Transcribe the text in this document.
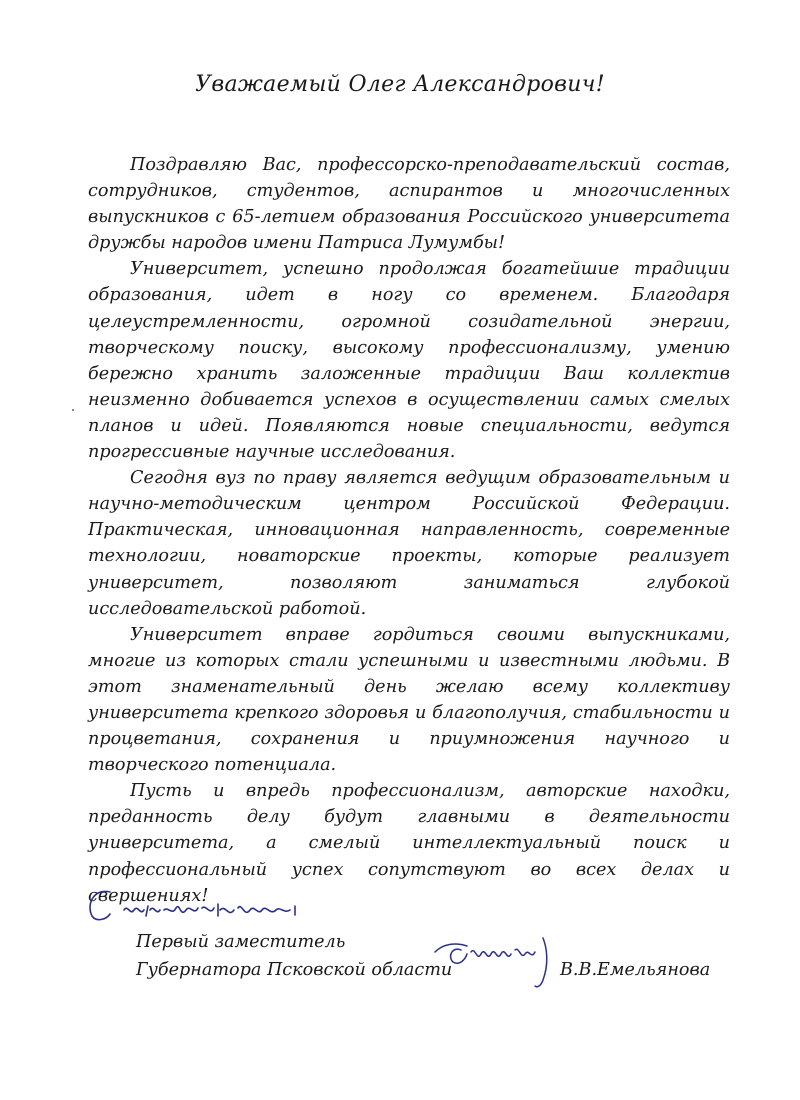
Уважаемый Олег Александрович!

Поздравляю Вас, профессорско-преподавательский состав, сотрудников, студентов, аспирантов и многочисленных выпускников с 65-летием образования Российского университета дружбы народов имени Патриса Лумумбы!

Университет, успешно продолжая богатейшие традиции образования, идет в ногу со временем. Благодаря целеустремленности, огромной созидательной энергии, творческому поиску, высокому профессионализму, умению бережно хранить заложенные традиции Ваш коллектив неизменно добивается успехов в осуществлении самых смелых планов и идей. Появляются новые специальности, ведутся прогрессивные научные исследования.

Сегодня вуз по праву является ведущим образовательным и научно-методическим центром Российской Федерации. Практическая, инновационная направленность, современные технологии, новаторские проекты, которые реализует университет, позволяют заниматься глубокой исследовательской работой.

Университет вправе гордиться своими выпускниками, многие из которых стали успешными и известными людьми. В этот знаменательный день желаю всему коллективу университета крепкого здоровья и благополучия, стабильности и процветания, сохранения и приумножения научного и творческого потенциала.

Пусть и впредь профессионализм, авторские находки, преданность делу будут главными в деятельности университета, а смелый интеллектуальный поиск и профессиональный успех сопутствуют во всех делах и свершениях!

Первый заместитель
Губернатора Псковской области	В.В.Емельянова
